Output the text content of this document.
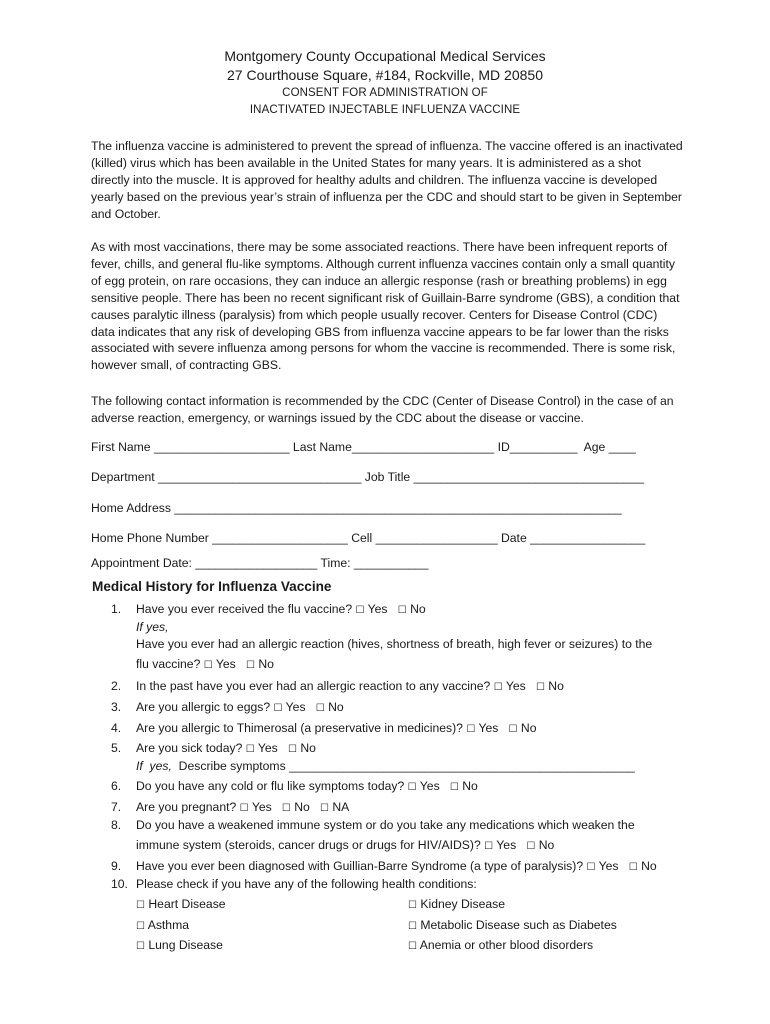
Montgomery County Occupational Medical Services
27 Courthouse Square, #184, Rockville, MD 20850
CONSENT FOR ADMINISTRATION OF
INACTIVATED INJECTABLE INFLUENZA VACCINE

The influenza vaccine is administered to prevent the spread of influenza. The vaccine offered is an inactivated (killed) virus which has been available in the United States for many years. It is administered as a shot directly into the muscle. It is approved for healthy adults and children. The influenza vaccine is developed yearly based on the previous year’s strain of influenza per the CDC and should start to be given in September and October.

As with most vaccinations, there may be some associated reactions. There have been infrequent reports of fever, chills, and general flu-like symptoms. Although current influenza vaccines contain only a small quantity of egg protein, on rare occasions, they can induce an allergic response (rash or breathing problems) in egg sensitive people. There has been no recent significant risk of Guillain-Barre syndrome (GBS), a condition that causes paralytic illness (paralysis) from which people usually recover. Centers for Disease Control (CDC) data indicates that any risk of developing GBS from influenza vaccine appears to be far lower than the risks associated with severe influenza among persons for whom the vaccine is recommended. There is some risk, however small, of contracting GBS.

The following contact information is recommended by the CDC (Center of Disease Control) in the case of an adverse reaction, emergency, or warnings issued by the CDC about the disease or vaccine.

First Name ____________________ Last Name_____________________ ID__________  Age ____
Department ______________________________ Job Title __________________________________
Home Address __________________________________________________________________
Home Phone Number ____________________ Cell __________________ Date _________________
Appointment Date: __________________ Time: ___________
Medical History for Influenza Vaccine
1. Have you ever received the flu vaccine? ☐ Yes ☐ No
If yes,
Have you ever had an allergic reaction (hives, shortness of breath, high fever or seizures) to the
flu vaccine? ☐ Yes ☐ No
2. In the past have you ever had an allergic reaction to any vaccine? ☐ Yes ☐ No
3. Are you allergic to eggs? ☐ Yes ☐ No
4. Are you allergic to Thimerosal (a preservative in medicines)? ☐ Yes ☐ No
5. Are you sick today? ☐ Yes ☐ No
If  yes,  Describe symptoms ___________________________________________________
6. Do you have any cold or flu like symptoms today? ☐ Yes ☐ No
7. Are you pregnant? ☐ Yes ☐ No ☐ NA
8. Do you have a weakened immune system or do you take any medications which weaken the
immune system (steroids, cancer drugs or drugs for HIV/AIDS)? ☐ Yes ☐ No
9. Have you ever been diagnosed with Guillian-Barre Syndrome (a type of paralysis)? ☐ Yes ☐ No
10. Please check if you have any of the following health conditions:
☐ Heart Disease	☐ Kidney Disease
☐ Asthma	☐ Metabolic Disease such as Diabetes
☐ Lung Disease	☐ Anemia or other blood disorders
